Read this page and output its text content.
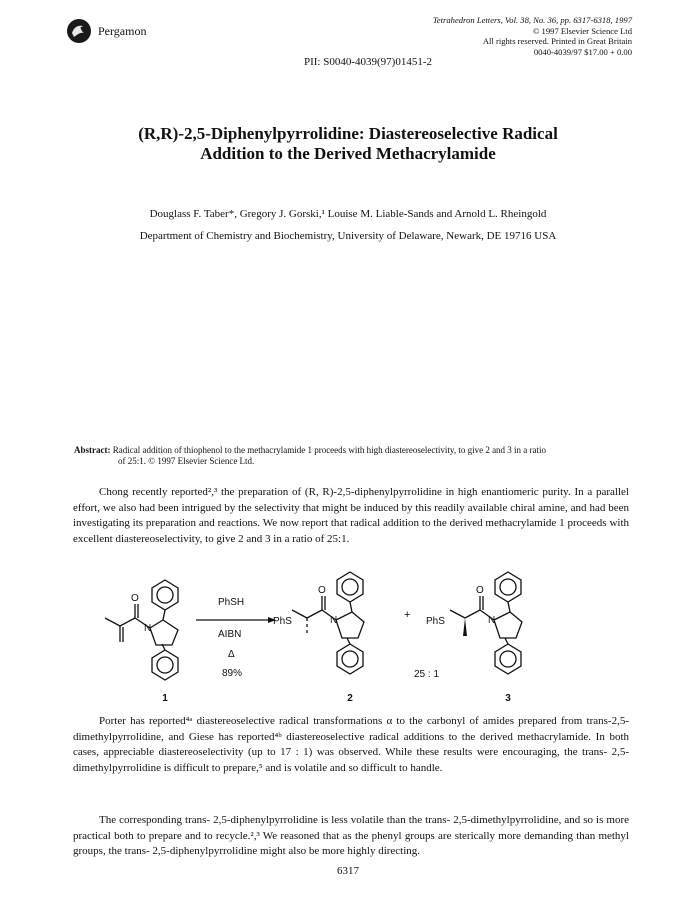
Pergamon
Tetrahedron Letters, Vol. 38, No. 36, pp. 6317-6318, 1997
© 1997 Elsevier Science Ltd
All rights reserved. Printed in Great Britain
0040-4039/97 $17.00 + 0.00
PII: S0040-4039(97)01451-2
(R,R)-2,5-Diphenylpyrrolidine: Diastereoselective Radical
Addition to the Derived Methacrylamide
Douglass F. Taber*, Gregory J. Gorski,¹ Louise M. Liable-Sands and Arnold L. Rheingold
Department of Chemistry and Biochemistry, University of Delaware, Newark, DE 19716 USA
Abstract: Radical addition of thiophenol to the methacrylamide 1 proceeds with high diastereoselectivity, to give 2 and 3 in a ratio
of 25:1. © 1997 Elsevier Science Ltd.

Chong recently reported²,³ the preparation of (R, R)-2,5-diphenylpyrrolidine in high enantiomeric purity. In a parallel effort, we also had been intrigued by the selectivity that might be induced by this readily available chiral amine, and had been investigating its preparation and reactions. We now report that radical addition to the derived methacrylamide 1 proceeds with excellent diastereoselectivity, to give 2 and 3 in a ratio of 25:1.

O
N
PhSH
AIBN
Δ
89%
PhS
O
N	+
PhS
O
N
25 : 1
1	2	3

Porter has reported⁴ᵃ diastereoselective radical transformations α to the carbonyl of amides prepared from trans-2,5-dimethylpyrrolidine, and Giese has reported⁴ᵇ diastereoselective radical additions to the derived methacrylamide. In both cases, appreciable diastereoselectivity (up to 17 : 1) was observed. While these results were encouraging, the trans- 2,5-dimethylpyrrolidine is difficult to prepare,⁵ and is volatile and so difficult to handle.

The corresponding trans- 2,5-diphenylpyrrolidine is less volatile than the trans- 2,5-dimethylpyrrolidine, and so is more practical both to prepare and to recycle.²,³ We reasoned that as the phenyl groups are sterically more demanding than methyl groups, the trans- 2,5-diphenylpyrrolidine might also be more highly directing.

6317
